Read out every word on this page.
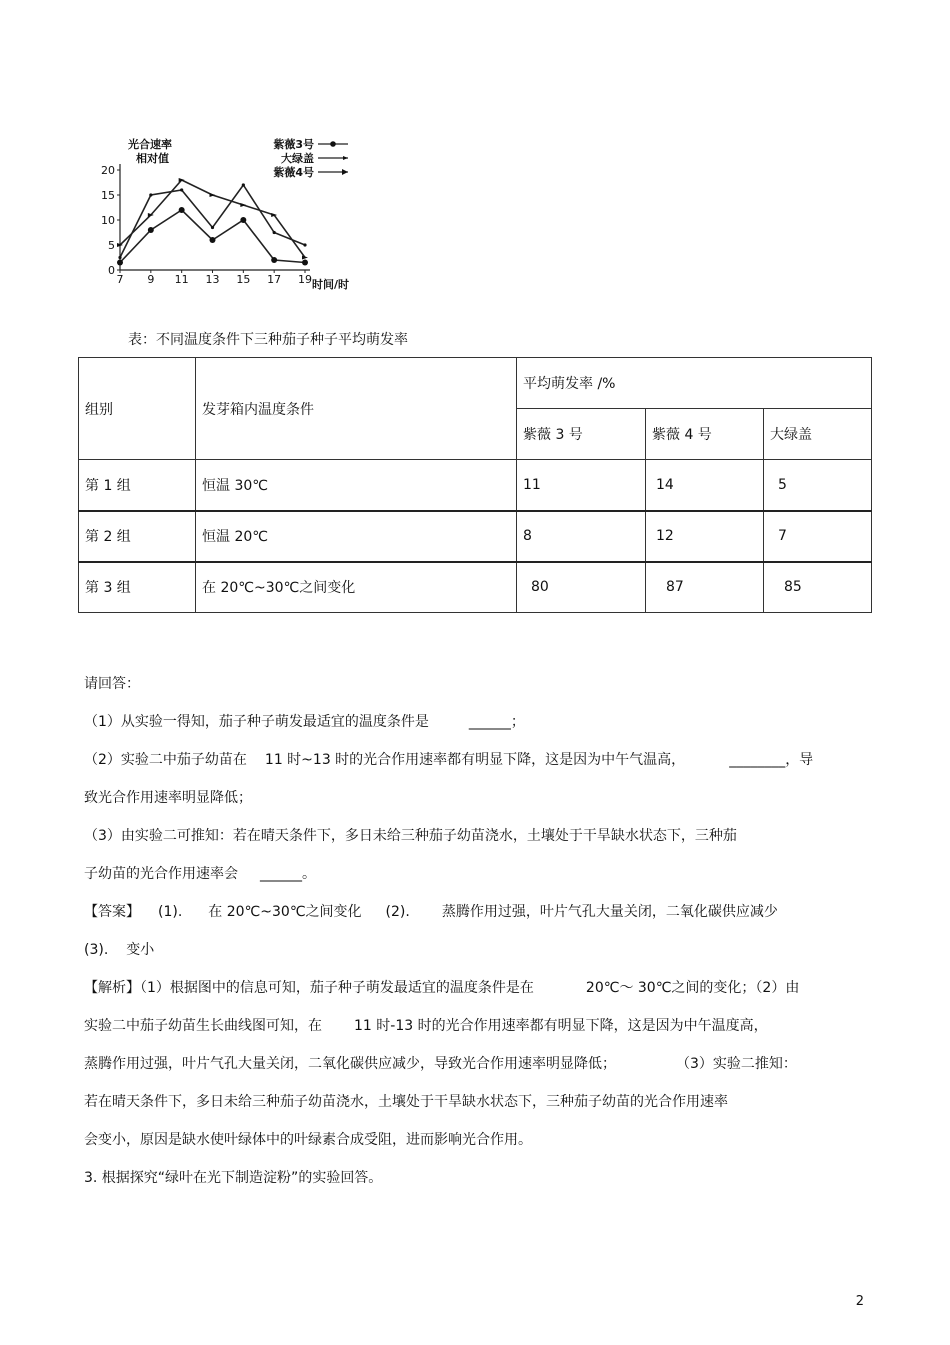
0
5
10
15
20
7 9 11 13 15 17 19
紫薇3号
大绿盖
紫薇4号
光合速率
相对值
时间/时
表：不同温度条件下三种茄子种子平均萌发率
组别	发芽箱内温度条件	平均萌发率 /%		
		紫薇 3 号	紫薇 4 号	大绿盖
第 1 组	恒温 30℃	11	14	5
第 2 组	恒温 20℃	8	12	7
第 3 组	在 20℃~30℃之间变化	80	87	85
请回答：
（1）从实验一得知，茄子种子萌发最适宜的温度条件是	______；
（2）实验二中茄子幼苗在 11 时~13 时的光合作用速率都有明显下降，这是因为中午气温高，	________，导
致光合作用速率明显降低；
（3）由实验二可推知：若在晴天条件下，多日未给三种茄子幼苗浇水，土壤处于干旱缺水状态下，三种茄
子幼苗的光合作用速率会 ______。
【答案】 (1). 在 20℃~30℃之间变化 (2). 蒸腾作用过强，叶片气孔大量关闭，二氧化碳供应减少
(3). 变小
【解析】（1）根据图中的信息可知，茄子种子萌发最适宜的温度条件是在	20℃～ 30℃之间的变化；（2）由
实验二中茄子幼苗生长曲线图可知，在 11 时-13 时的光合作用速率都有明显下降，这是因为中午温度高，
蒸腾作用过强，叶片气孔大量关闭，二氧化碳供应减少，导致光合作用速率明显降低；	（3）实验二推知：
若在晴天条件下，多日未给三种茄子幼苗浇水，土壤处于干旱缺水状态下，三种茄子幼苗的光合作用速率
会变小，原因是缺水使叶绿体中的叶绿素合成受阻，进而影响光合作用。
3. 根据探究“绿叶在光下制造淀粉”的实验回答。
2
